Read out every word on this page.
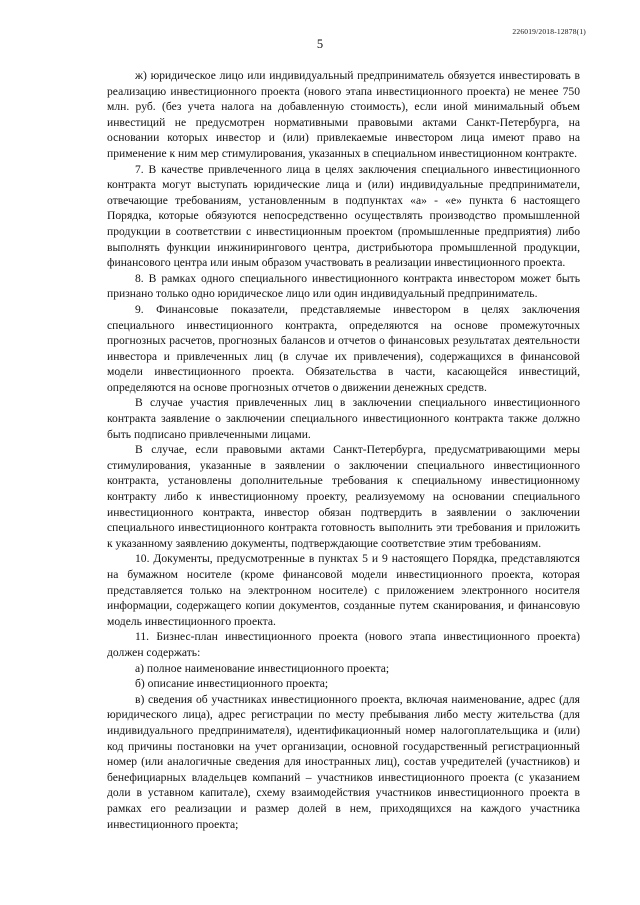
226019/2018-12878(1)
5

ж) юридическое лицо или индивидуальный предприниматель обязуется инвестировать в реализацию инвестиционного проекта (нового этапа инвестиционного проекта) не менее 750 млн. руб. (без учета налога на добавленную стоимость), если иной минимальный объем инвестиций не предусмотрен нормативными правовыми актами Санкт-Петербурга, на основании которых инвестор и (или) привлекаемые инвестором лица имеют право на применение к ним мер стимулирования, указанных в специальном инвестиционном контракте.

7. В качестве привлеченного лица в целях заключения специального инвестиционного контракта могут выступать юридические лица и (или) индивидуальные предприниматели, отвечающие требованиям, установленным в подпунктах «а» - «е» пункта 6 настоящего Порядка, которые обязуются непосредственно осуществлять производство промышленной продукции в соответствии с инвестиционным проектом (промышленные предприятия) либо выполнять функции инжинирингового центра, дистрибьютора промышленной продукции, финансового центра или иным образом участвовать в реализации инвестиционного проекта.

8. В рамках одного специального инвестиционного контракта инвестором может быть признано только одно юридическое лицо или один индивидуальный предприниматель.

9. Финансовые показатели, представляемые инвестором в целях заключения специального инвестиционного контракта, определяются на основе промежуточных прогнозных расчетов, прогнозных балансов и отчетов о финансовых результатах деятельности инвестора и привлеченных лиц (в случае их привлечения), содержащихся в финансовой модели инвестиционного проекта. Обязательства в части, касающейся инвестиций, определяются на основе прогнозных отчетов о движении денежных средств.

В случае участия привлеченных лиц в заключении специального инвестиционного контракта заявление о заключении специального инвестиционного контракта также должно быть подписано привлеченными лицами.

В случае, если правовыми актами Санкт-Петербурга, предусматривающими меры стимулирования, указанные в заявлении о заключении специального инвестиционного контракта, установлены дополнительные требования к специальному инвестиционному контракту либо к инвестиционному проекту, реализуемому на основании специального инвестиционного контракта, инвестор обязан подтвердить в заявлении о заключении специального инвестиционного контракта готовность выполнить эти требования и приложить к указанному заявлению документы, подтверждающие соответствие этим требованиям.

10. Документы, предусмотренные в пунктах 5 и 9 настоящего Порядка, представляются на бумажном носителе (кроме финансовой модели инвестиционного проекта, которая представляется только на электронном носителе) с приложением электронного носителя информации, содержащего копии документов, созданные путем сканирования, и финансовую модель инвестиционного проекта.

11. Бизнес-план инвестиционного проекта (нового этапа инвестиционного проекта) должен содержать:

а) полное наименование инвестиционного проекта;

б) описание инвестиционного проекта;

в) сведения об участниках инвестиционного проекта, включая наименование, адрес (для юридического лица), адрес регистрации по месту пребывания либо месту жительства (для индивидуального предпринимателя), идентификационный номер налогоплательщика и (или) код причины постановки на учет организации, основной государственный регистрационный номер (или аналогичные сведения для иностранных лиц), состав учредителей (участников) и бенефициарных владельцев компаний – участников инвестиционного проекта (с указанием доли в уставном капитале), схему взаимодействия участников инвестиционного проекта в рамках его реализации и размер долей в нем, приходящихся на каждого участника инвестиционного проекта;
